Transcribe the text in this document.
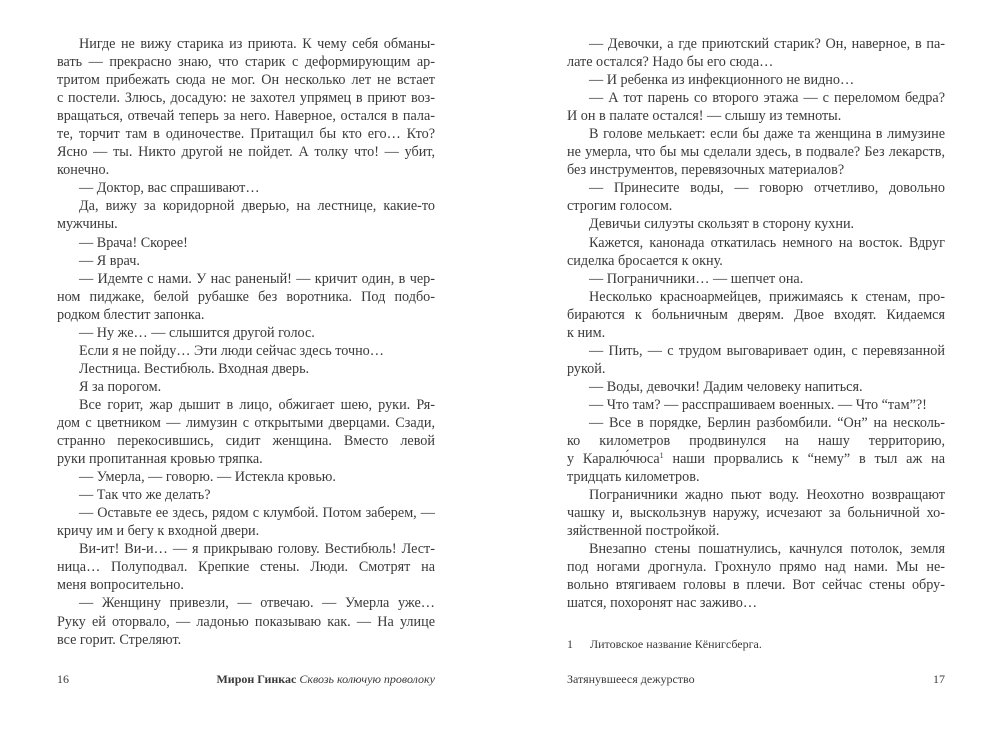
Нигде не вижу старика из приюта. К чему себя обманы-
вать — прекрасно знаю, что старик с деформирующим ар-
тритом прибежать сюда не мог. Он несколько лет не встает
с постели. Злюсь, досадую: не захотел упрямец в приют воз-
вращаться, отвечай теперь за него. Наверное, остался в пала-
те, торчит там в одиночестве. Притащил бы кто его… Кто?
Ясно — ты. Никто другой не пойдет. А толку что! — убит,
конечно.
— Доктор, вас спрашивают…
Да, вижу за коридорной дверью, на лестнице, какие-то
мужчины.
— Врача! Скорее!
— Я врач.
— Идемте с нами. У нас раненый! — кричит один, в чер-
ном пиджаке, белой рубашке без воротника. Под подбо-
родком блестит запонка.
— Ну же… — слышится другой голос.
Если я не пойду… Эти люди сейчас здесь точно…
Лестница. Вестибюль. Входная дверь.
Я за порогом.
Все горит, жар дышит в лицо, обжигает шею, руки. Ря-
дом с цветником — лимузин с открытыми дверцами. Сзади,
странно перекосившись, сидит женщина. Вместо левой
руки пропитанная кровью тряпка.
— Умерла, — говорю. — Истекла кровью.
— Так что же делать?
— Оставьте ее здесь, рядом с клумбой. Потом заберем, —
кричу им и бегу к входной двери.
Ви-ит! Ви-и… — я прикрываю голову. Вестибюль! Лест-
ница… Полуподвал. Крепкие стены. Люди. Смотрят на
меня вопросительно.
— Женщину привезли, — отвечаю. — Умерла уже…
Руку ей оторвало, — ладонью показываю как. — На улице
все горит. Стреляют.
16	Мирон Гинкас Сквозь колючую проволоку
— Девочки, а где приютский старик? Он, наверное, в па-
лате остался? Надо бы его сюда…
— И ребенка из инфекционного не видно…
— А тот парень со второго этажа — с переломом бедра?
И он в палате остался! — слышу из темноты.
В голове мелькает: если бы даже та женщина в лимузине
не умерла, что бы мы сделали здесь, в подвале? Без лекарств,
без инструментов, перевязочных материалов?
— Принесите воды, — говорю отчетливо, довольно
строгим голосом.
Девичьи силуэты скользят в сторону кухни.
Кажется, канонада откатилась немного на восток. Вдруг
сиделка бросается к окну.
— Пограничники… — шепчет она.
Несколько красноармейцев, прижимаясь к стенам, про-
бираются к больничным дверям. Двое входят. Кидаемся
к ним.
— Пить, — с трудом выговаривает один, с перевязанной
рукой.
— Воды, девочки! Дадим человеку напиться.
— Что там? — расспрашиваем военных. — Что “там”?!
— Все в порядке, Берлин разбомбили. “Он” на несколь-
ко километров продвинулся на нашу территорию,
у Каралю́чюса$^1$ наши прорвались к “нему” в тыл аж на
тридцать километров.
Пограничники жадно пьют воду. Неохотно возвращают
чашку и, выскользнув наружу, исчезают за больничной хо-
зяйственной постройкой.
Внезапно стены пошатнулись, качнулся потолок, земля
под ногами дрогнула. Грохнуло прямо над нами. Мы не-
вольно втягиваем головы в плечи. Вот сейчас стены обру-
шатся, похоронят нас заживо…
1 Литовское название Кёнигсберга.
Затянувшееся дежурство	17
